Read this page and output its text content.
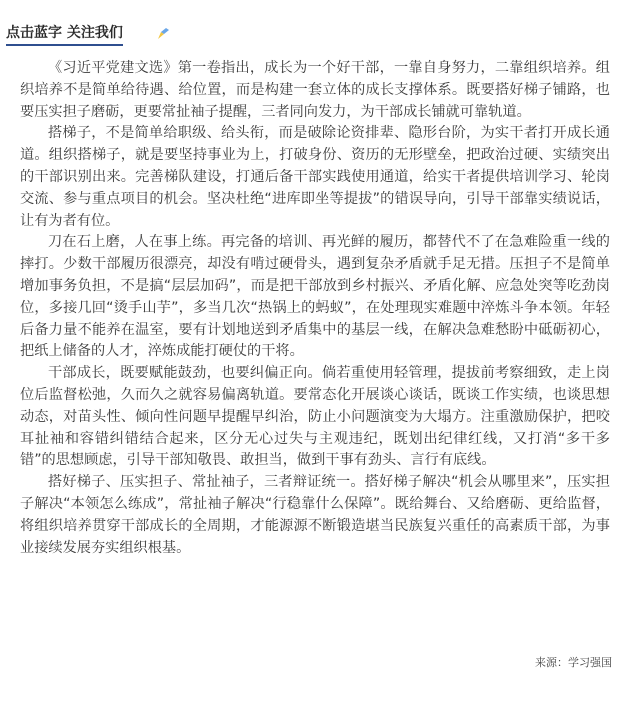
点击蓝字 关注我们

《习近平党建文选》第一卷指出，成长为一个好干部，一靠自身努力，二靠组织培养。组织培养不是简单给待遇、给位置，而是构建一套立体的成长支撑体系。既要搭好梯子铺路，也要压实担子磨砺，更要常扯袖子提醒，三者同向发力，为干部成长铺就可靠轨道。

搭梯子，不是简单给职级、给头衔，而是破除论资排辈、隐形台阶，为实干者打开成长通道。组织搭梯子，就是要坚持事业为上，打破身份、资历的无形壁垒，把政治过硬、实绩突出的干部识别出来。完善梯队建设，打通后备干部实践使用通道，给实干者提供培训学习、轮岗交流、参与重点项目的机会。坚决杜绝“进库即坐等提拔”的错误导向，引导干部靠实绩说话，让有为者有位。

刀在石上磨，人在事上练。再完备的培训、再光鲜的履历，都替代不了在急难险重一线的摔打。少数干部履历很漂亮，却没有啃过硬骨头，遇到复杂矛盾就手足无措。压担子不是简单增加事务负担，不是搞“层层加码”，而是把干部放到乡村振兴、矛盾化解、应急处突等吃劲岗位，多接几回“烫手山芋”，多当几次“热锅上的蚂蚁”，在处理现实难题中淬炼斗争本领。年轻后备力量不能养在温室，要有计划地送到矛盾集中的基层一线，在解决急难愁盼中砥砺初心，把纸上储备的人才，淬炼成能打硬仗的干将。

干部成长，既要赋能鼓劲，也要纠偏正向。倘若重使用轻管理，提拔前考察细致，走上岗位后监督松弛，久而久之就容易偏离轨道。要常态化开展谈心谈话，既谈工作实绩，也谈思想动态，对苗头性、倾向性问题早提醒早纠治，防止小问题演变为大塌方。注重激励保护，把咬耳扯袖和容错纠错结合起来，区分无心过失与主观违纪，既划出纪律红线，又打消“多干多错”的思想顾虑，引导干部知敬畏、敢担当，做到干事有劲头、言行有底线。

搭好梯子、压实担子、常扯袖子，三者辩证统一。搭好梯子解决“机会从哪里来”，压实担子解决“本领怎么练成”，常扯袖子解决“行稳靠什么保障”。既给舞台、又给磨砺、更给监督，将组织培养贯穿干部成长的全周期，才能源源不断锻造堪当民族复兴重任的高素质干部，为事业接续发展夯实组织根基。

来源：学习强国
